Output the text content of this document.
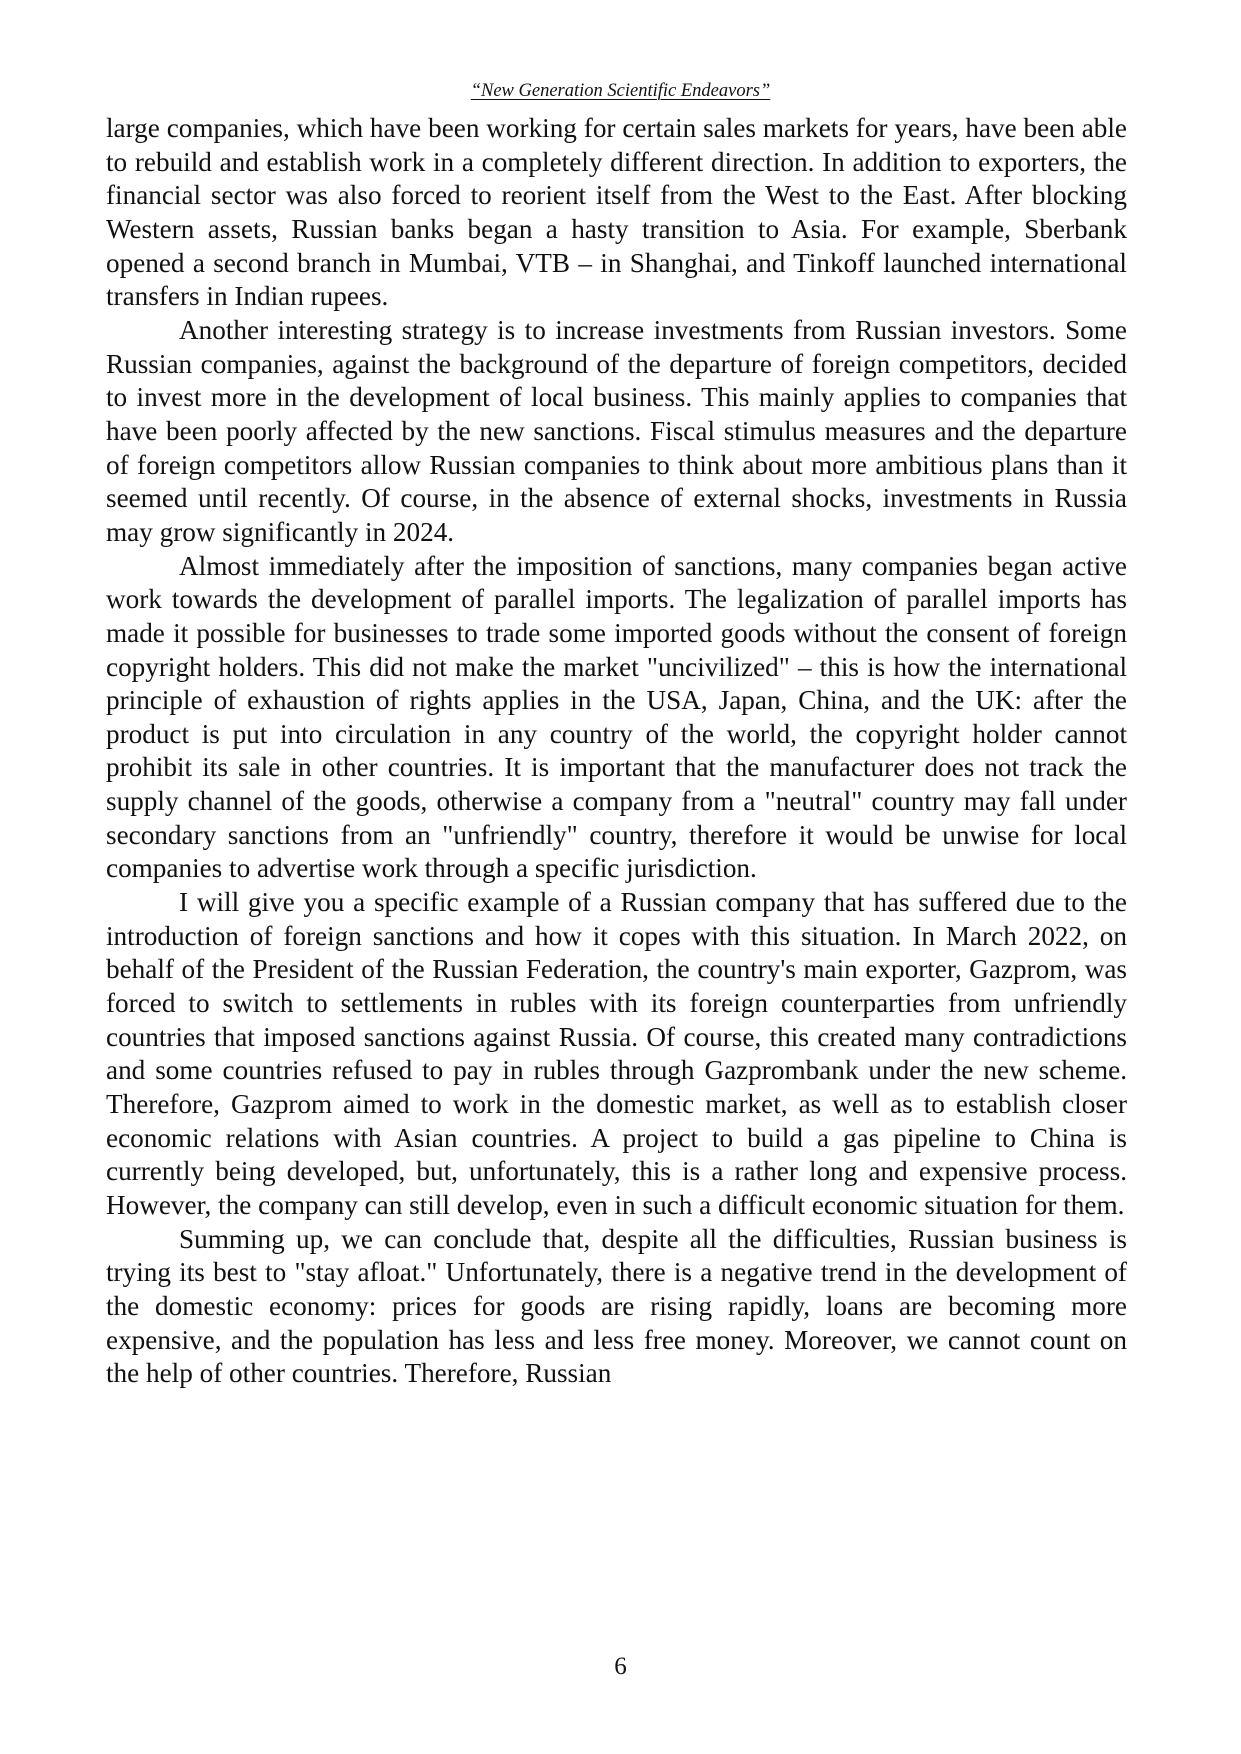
“New Generation Scientific Endeavors”

large companies, which have been working for certain sales markets for years, have been able to rebuild and establish work in a completely different direction. In addition to exporters, the financial sector was also forced to reorient itself from the West to the East. After blocking Western assets, Russian banks began a hasty transition to Asia. For example, Sberbank opened a second branch in Mumbai, VTB – in Shanghai, and Tinkoff launched international transfers in Indian rupees.

Another interesting strategy is to increase investments from Russian investors. Some Russian companies, against the background of the departure of foreign competitors, decided to invest more in the development of local business. This mainly applies to companies that have been poorly affected by the new sanctions. Fiscal stimulus measures and the departure of foreign competitors allow Russian companies to think about more ambitious plans than it seemed until recently. Of course, in the absence of external shocks, investments in Russia may grow significantly in 2024.

Almost immediately after the imposition of sanctions, many companies began active work towards the development of parallel imports. The legalization of parallel imports has made it possible for businesses to trade some imported goods without the consent of foreign copyright holders. This did not make the market "uncivilized" – this is how the international principle of exhaustion of rights applies in the USA, Japan, China, and the UK: after the product is put into circulation in any country of the world, the copyright holder cannot prohibit its sale in other countries. It is important that the manufacturer does not track the supply channel of the goods, otherwise a company from a "neutral" country may fall under secondary sanctions from an "unfriendly" country, therefore it would be unwise for local companies to advertise work through a specific jurisdiction.

I will give you a specific example of a Russian company that has suffered due to the introduction of foreign sanctions and how it copes with this situation. In March 2022, on behalf of the President of the Russian Federation, the country's main exporter, Gazprom, was forced to switch to settlements in rubles with its foreign counterparties from unfriendly countries that imposed sanctions against Russia. Of course, this created many contradictions and some countries refused to pay in rubles through Gazprombank under the new scheme. Therefore, Gazprom aimed to work in the domestic market, as well as to establish closer economic relations with Asian countries. A project to build a gas pipeline to China is currently being developed, but, unfortunately, this is a rather long and expensive process. However, the company can still develop, even in such a difficult economic situation for them.

Summing up, we can conclude that, despite all the difficulties, Russian business is trying its best to "stay afloat." Unfortunately, there is a negative trend in the development of the domestic economy: prices for goods are rising rapidly, loans are becoming more expensive, and the population has less and less free money. Moreover, we cannot count on the help of other countries. Therefore, Russian

6
